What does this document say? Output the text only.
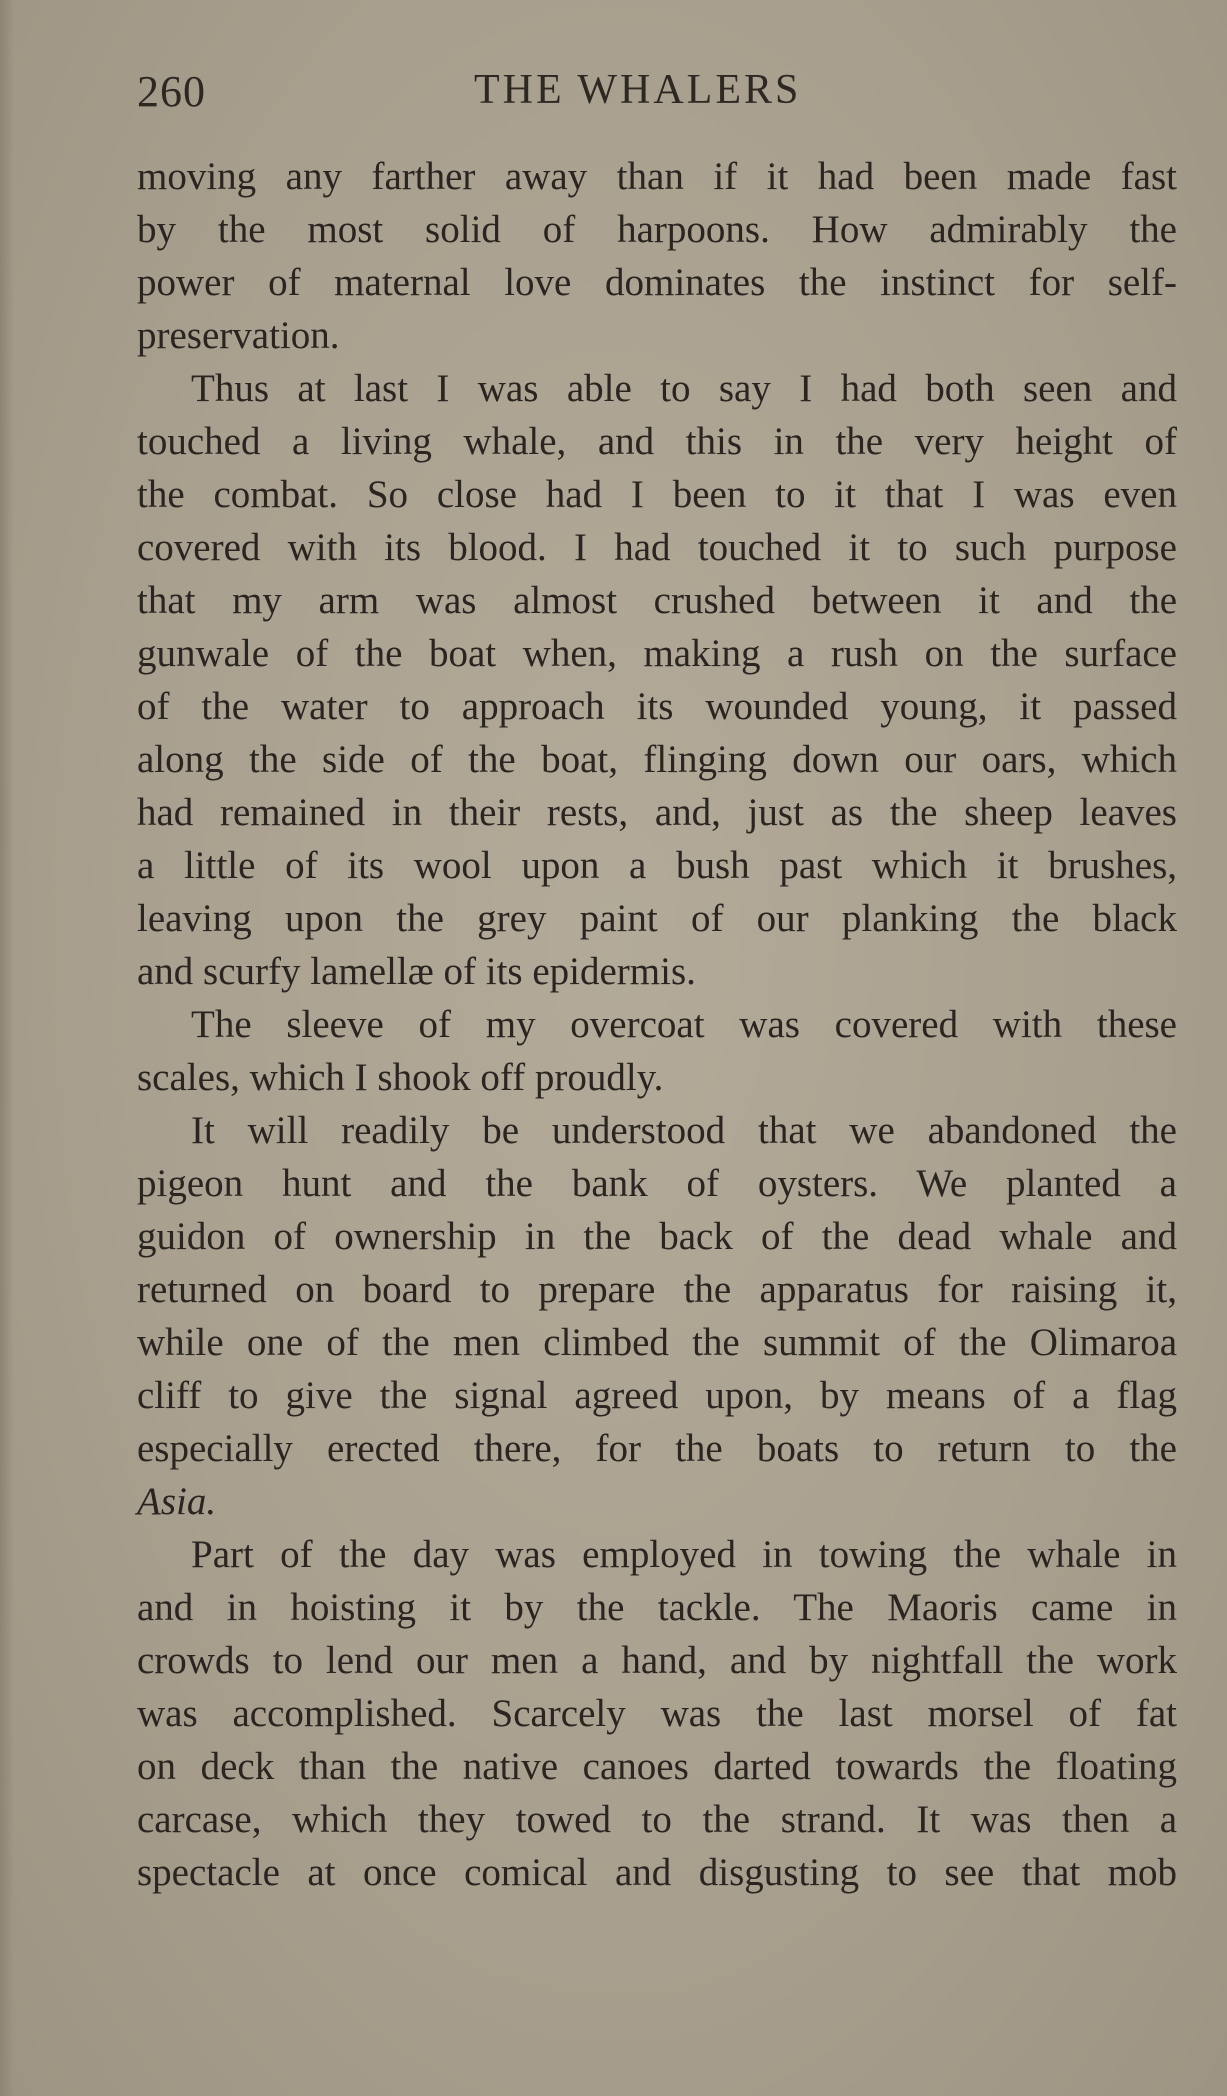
260	THE WHALERS
moving any farther away than if it had been made fast
by the most solid of harpoons. How admirably the
power of maternal love dominates the instinct for self-
preservation.
Thus at last I was able to say I had both seen and
touched a living whale, and this in the very height of
the combat. So close had I been to it that I was even
covered with its blood. I had touched it to such purpose
that my arm was almost crushed between it and the
gunwale of the boat when, making a rush on the surface
of the water to approach its wounded young, it passed
along the side of the boat, flinging down our oars, which
had remained in their rests, and, just as the sheep leaves
a little of its wool upon a bush past which it brushes,
leaving upon the grey paint of our planking the black
and scurfy lamellæ of its epidermis.
The sleeve of my overcoat was covered with these
scales, which I shook off proudly.
It will readily be understood that we abandoned the
pigeon hunt and the bank of oysters. We planted a
guidon of ownership in the back of the dead whale and
returned on board to prepare the apparatus for raising it,
while one of the men climbed the summit of the Olimaroa
cliff to give the signal agreed upon, by means of a flag
especially erected there, for the boats to return to the
Asia.
Part of the day was employed in towing the whale in
and in hoisting it by the tackle. The Maoris came in
crowds to lend our men a hand, and by nightfall the work
was accomplished. Scarcely was the last morsel of fat
on deck than the native canoes darted towards the floating
carcase, which they towed to the strand. It was then a
spectacle at once comical and disgusting to see that mob
